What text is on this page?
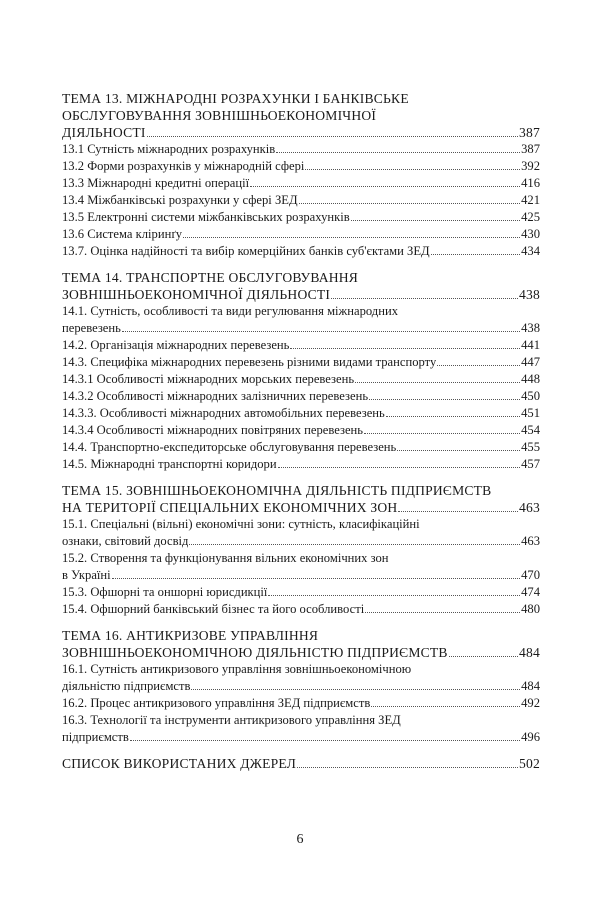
ТЕМА 13. МІЖНАРОДНІ РОЗРАХУНКИ І БАНКІВСЬКЕ
ОБСЛУГОВУВАННЯ ЗОВНІШНЬОЕКОНОМІЧНОЇ
ДІЯЛЬНОСТІ	387
13.1 Сутність міжнародних розрахунків	387
13.2 Форми розрахунків у міжнародній сфері	392
13.3 Міжнародні кредитні операції	416
13.4 Міжбанківські розрахунки у сфері ЗЕД	421
13.5 Електронні системи міжбанківських розрахунків	425
13.6 Система кліринґу	430
13.7. Оцінка надійності та вибір комерційних банків суб'єктами ЗЕД	434
ТЕМА 14. ТРАНСПОРТНЕ ОБСЛУГОВУВАННЯ
ЗОВНІШНЬОЕКОНОМІЧНОЇ ДІЯЛЬНОСТІ	438
14.1. Сутність, особливості та види регулювання міжнародних
перевезень	438
14.2. Організація міжнародних перевезень	441
14.3. Специфіка міжнародних перевезень різними видами транспорту	447
14.3.1 Особливості міжнародних морських перевезень	448
14.3.2 Особливості міжнародних залізничних перевезень	450
14.3.3. Особливості міжнародних автомобільних перевезень	451
14.3.4 Особливості міжнародних повітряних перевезень	454
14.4. Транспортно-експедиторське обслуговування перевезень	455
14.5. Міжнародні транспортні коридори	457
ТЕМА 15. ЗОВНІШНЬОЕКОНОМІЧНА ДІЯЛЬНІСТЬ ПІДПРИЄМСТВ
НА ТЕРИТОРІЇ СПЕЦІАЛЬНИХ ЕКОНОМІЧНИХ ЗОН	463
15.1. Спеціальні (вільні) економічні зони: сутність, класифікаційні
ознаки, світовий досвід	463
15.2. Створення та функціонування вільних економічних зон
в Україні	470
15.3. Офшорні та оншорні юрисдикції	474
15.4. Офшорний банківський бізнес та його особливості	480
ТЕМА 16. АНТИКРИЗОВЕ УПРАВЛІННЯ
ЗОВНІШНЬОЕКОНОМІЧНОЮ ДІЯЛЬНІСТЮ ПІДПРИЄМСТВ	484
16.1. Сутність антикризового управління зовнішньоекономічною
діяльністю підприємств	484
16.2. Процес антикризового управління ЗЕД підприємств	492
16.3. Технології та інструменти антикризового управління ЗЕД
підприємств	496
СПИСОК ВИКОРИСТАНИХ ДЖЕРЕЛ	502
6
